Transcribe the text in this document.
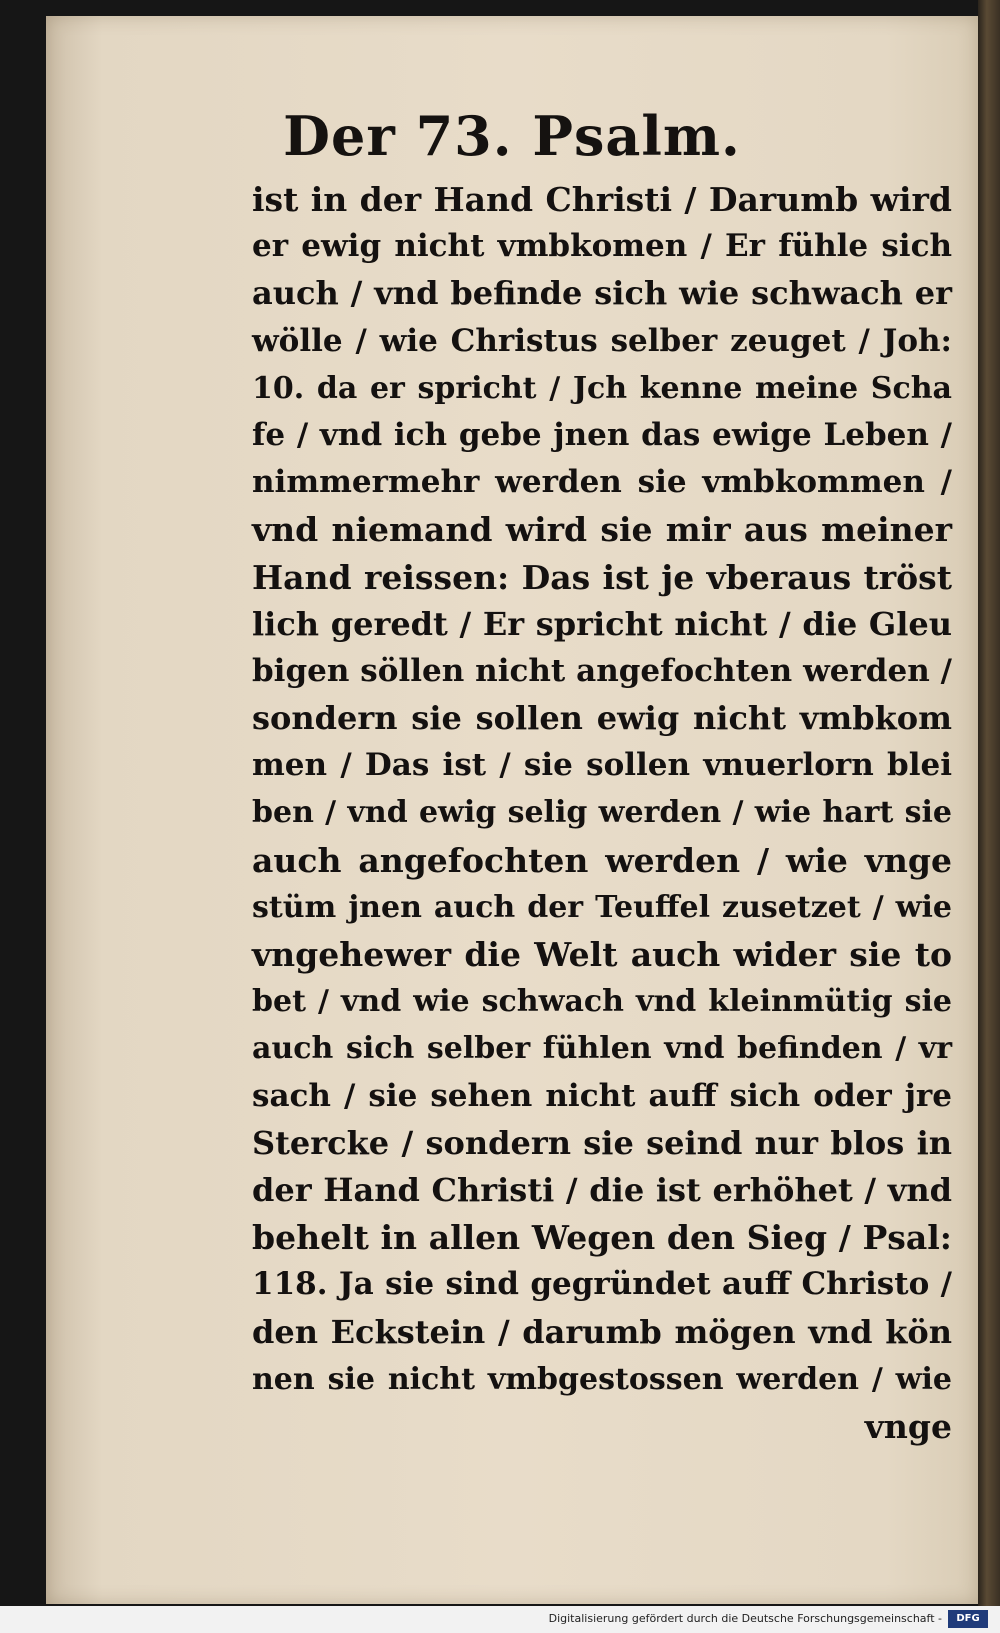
Der 73. Psalm.
ist in der Hand Christi / Darumb wird
er ewig nicht vmbkomen / Er fühle sich
auch / vnd befinde sich wie schwach er
wölle / wie Christus selber zeuget / Joh:
10. da er spricht / Jch kenne meine Scha
fe / vnd ich gebe jnen das ewige Leben /
nimmermehr werden sie vmbkommen /
vnd niemand wird sie mir aus meiner
Hand reissen: Das ist je vberaus tröst
lich geredt / Er spricht nicht / die Gleu
bigen söllen nicht angefochten werden /
sondern sie sollen ewig nicht vmbkom
men / Das ist / sie sollen vnuerlorn blei
ben / vnd ewig selig werden / wie hart sie
auch angefochten werden / wie vnge
stüm jnen auch der Teuffel zusetzet / wie
vngehewer die Welt auch wider sie to
bet / vnd wie schwach vnd kleinmütig sie
auch sich selber fühlen vnd befinden / vr
sach / sie sehen nicht auff sich oder jre
Stercke / sondern sie seind nur blos in
der Hand Christi / die ist erhöhet / vnd
behelt in allen Wegen den Sieg / Psal:
118. Ja sie sind gegründet auff Christo /
den Eckstein / darumb mögen vnd kön
nen sie nicht vmbgestossen werden / wie
vnge
Digitalisierung gefördert durch die Deutsche Forschungsgemeinschaft -	DFG
